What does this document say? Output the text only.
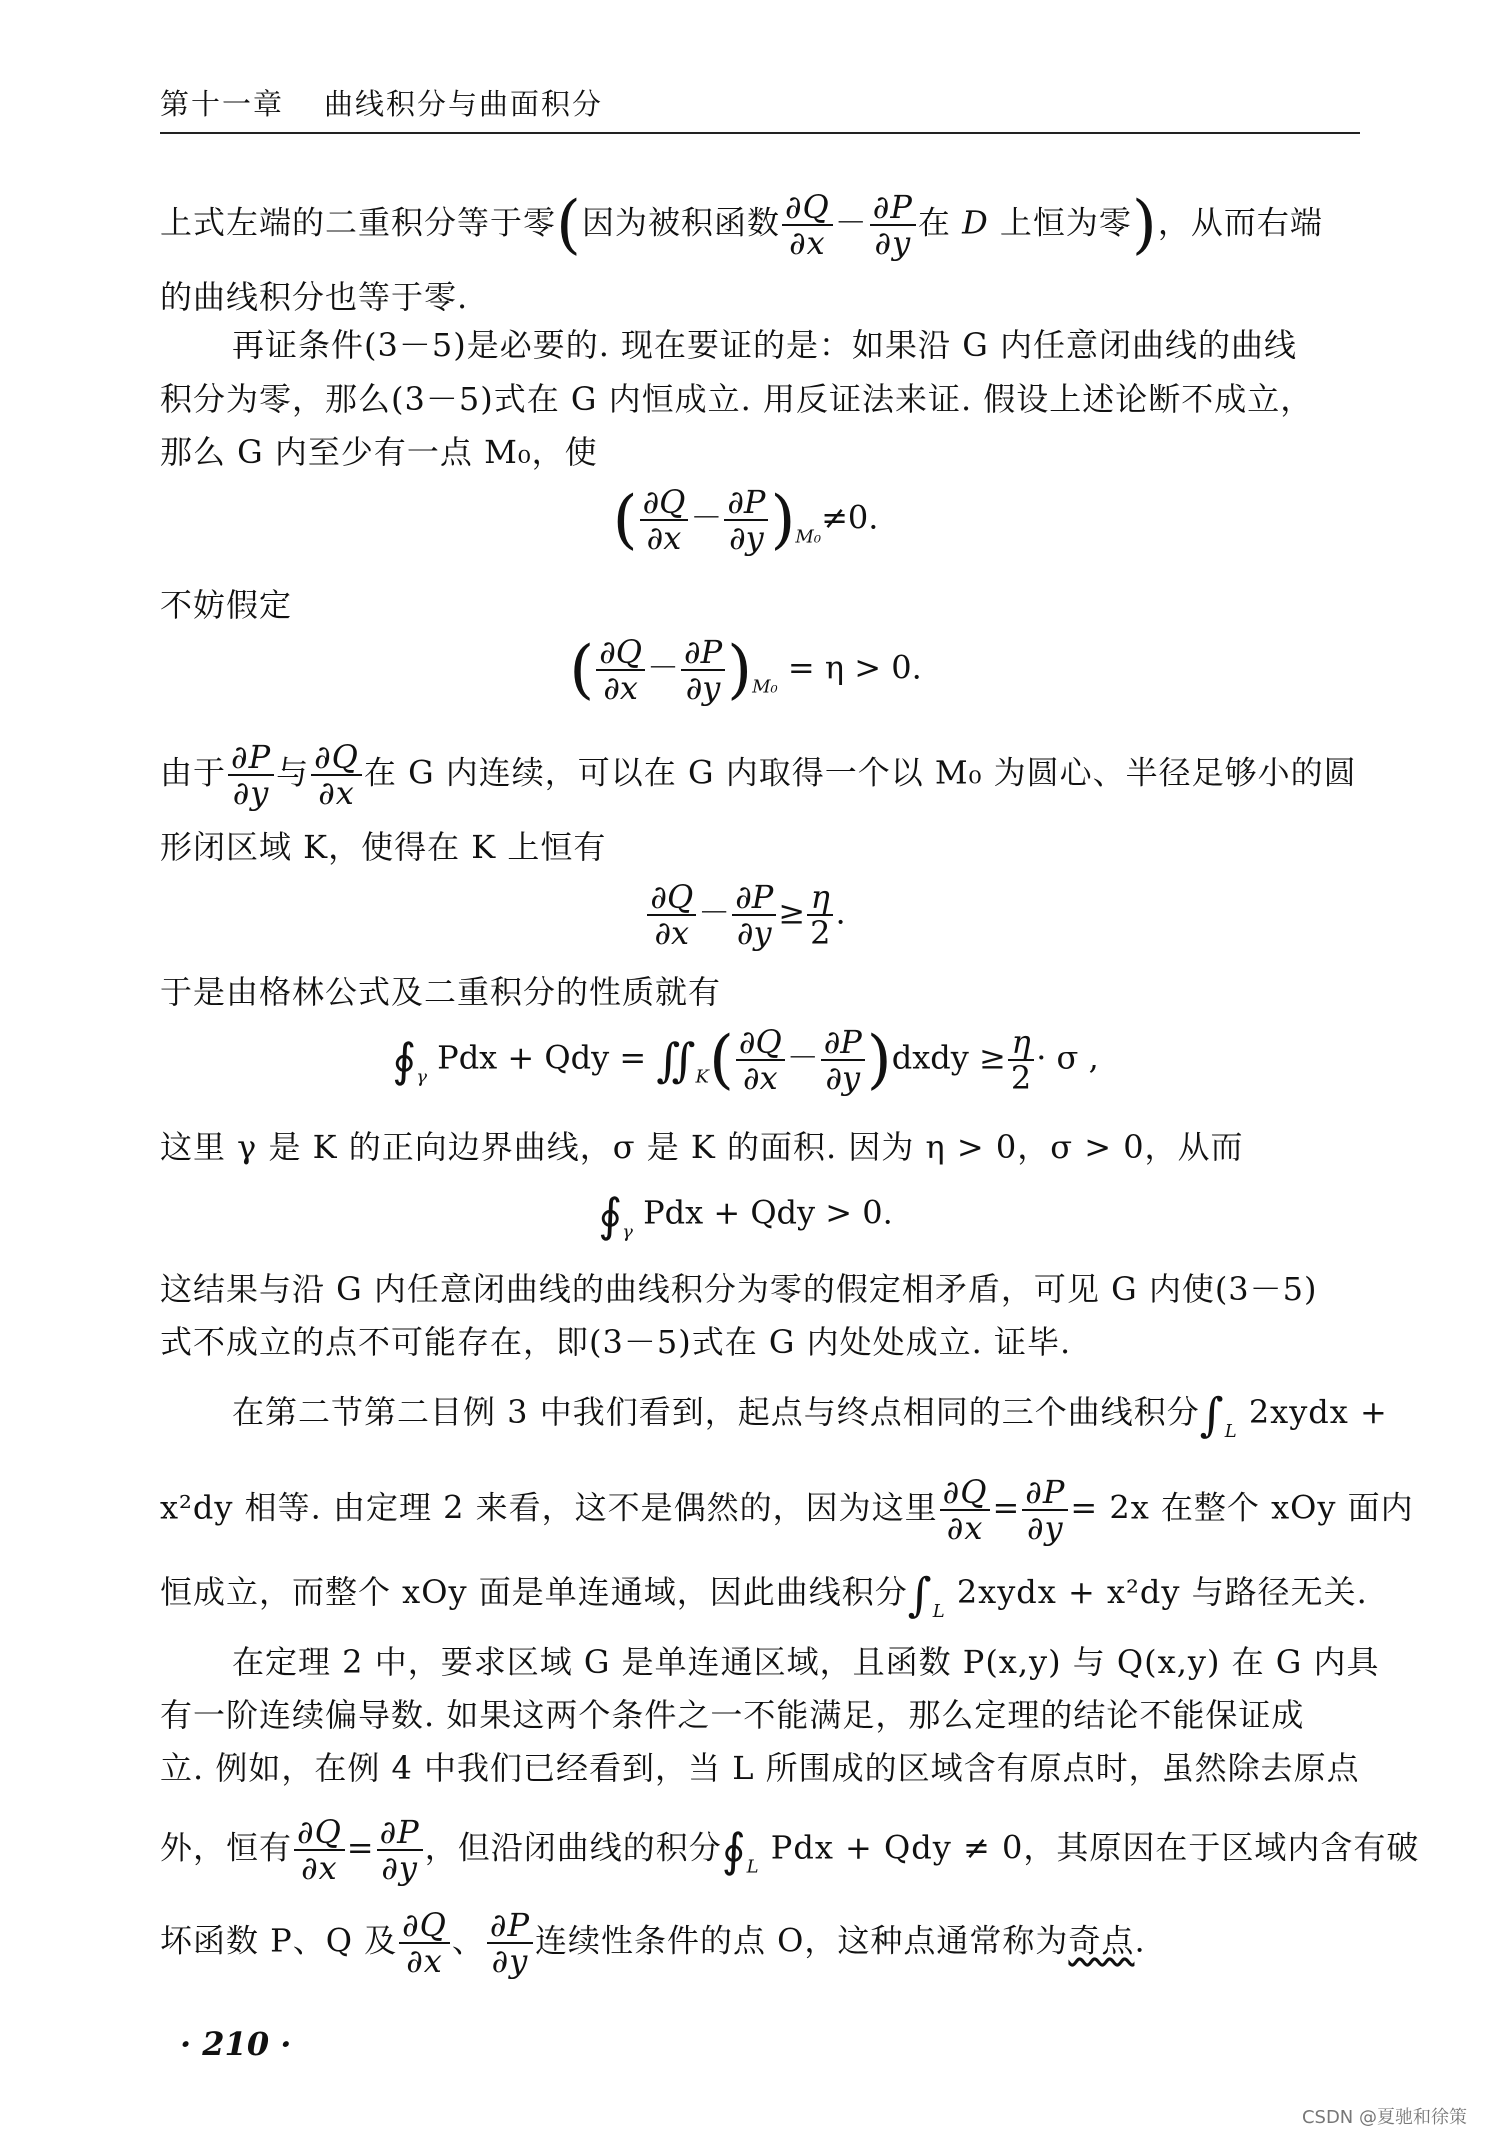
第十一章 曲线积分与曲面积分
上式左端的二重积分等于零(因为被积函数 $\frac{\partial Q}{\partial x} - \frac{\partial P}{\partial y}$ 在 D 上恒为零)，从而右端
的曲线积分也等于零.
再证条件(3－5)是必要的. 现在要证的是：如果沿 G 内任意闭曲线的曲线
积分为零，那么(3－5)式在 G 内恒成立. 用反证法来证. 假设上述论断不成立，
那么 G 内至少有一点 M₀，使
( $\frac{\partial Q}{\partial x} - \frac{\partial P}{\partial y} )_{M_0}\ne 0$.
不妨假定
( $\frac{\partial Q}{\partial x} - \frac{\partial P}{\partial y} )_{M_0} = \eta > 0$.
由于 $\frac{\partial P}{\partial y}$ 与 $\frac{\partial Q}{\partial x}$ 在 G 内连续，可以在 G 内取得一个以 M₀ 为圆心、半径足够小的圆
形闭区域 K，使得在 K 上恒有
$\frac{\partial Q}{\partial x} - \frac{\partial P}{\partial y} \ge \frac{\eta}{2}$ .
于是由格林公式及二重积分的性质就有
$∮_\gamma$ Pdx + Qdy = $∬_K( \frac{\partial Q}{\partial x} - \frac{\partial P}{\partial y}$ )dxdy ≥ $\frac{\eta}{2} \cdot \sigma$ ,
这里 γ 是 K 的正向边界曲线，σ 是 K 的面积. 因为 η > 0，σ > 0，从而
$∮_\gamma$ Pdx + Qdy > 0.
这结果与沿 G 内任意闭曲线的曲线积分为零的假定相矛盾，可见 G 内使(3－5)
式不成立的点不可能存在，即(3－5)式在 G 内处处成立. 证毕.
在第二节第二目例 3 中我们看到，起点与终点相同的三个曲线积分$\int_L$ 2xydx +
x²dy 相等. 由定理 2 来看，这不是偶然的，因为这里 $\frac{\partial Q}{\partial x} = \frac{\partial P}{\partial y} = 2x$ 在整个 xOy 面内
恒成立，而整个 xOy 面是单连通域，因此曲线积分$\int_L$ 2xydx + x²dy 与路径无关.
在定理 2 中，要求区域 G 是单连通区域，且函数 P(x,y) 与 Q(x,y) 在 G 内具
有一阶连续偏导数. 如果这两个条件之一不能满足，那么定理的结论不能保证成
立. 例如，在例 4 中我们已经看到，当 L 所围成的区域含有原点时，虽然除去原点
外，恒有 $\frac{\partial Q}{\partial x} = \frac{\partial P}{\partial y}$ ，但沿闭曲线的积分$∮_L$ Pdx + Qdy ≠ 0，其原因在于区域内含有破
坏函数 P、Q 及 $\frac{\partial Q}{\partial x}$ 、 $\frac{\partial P}{\partial y}$ 连续性条件的点 O，这种点通常称为奇点.
· 210 ·
CSDN @夏驰和徐策
